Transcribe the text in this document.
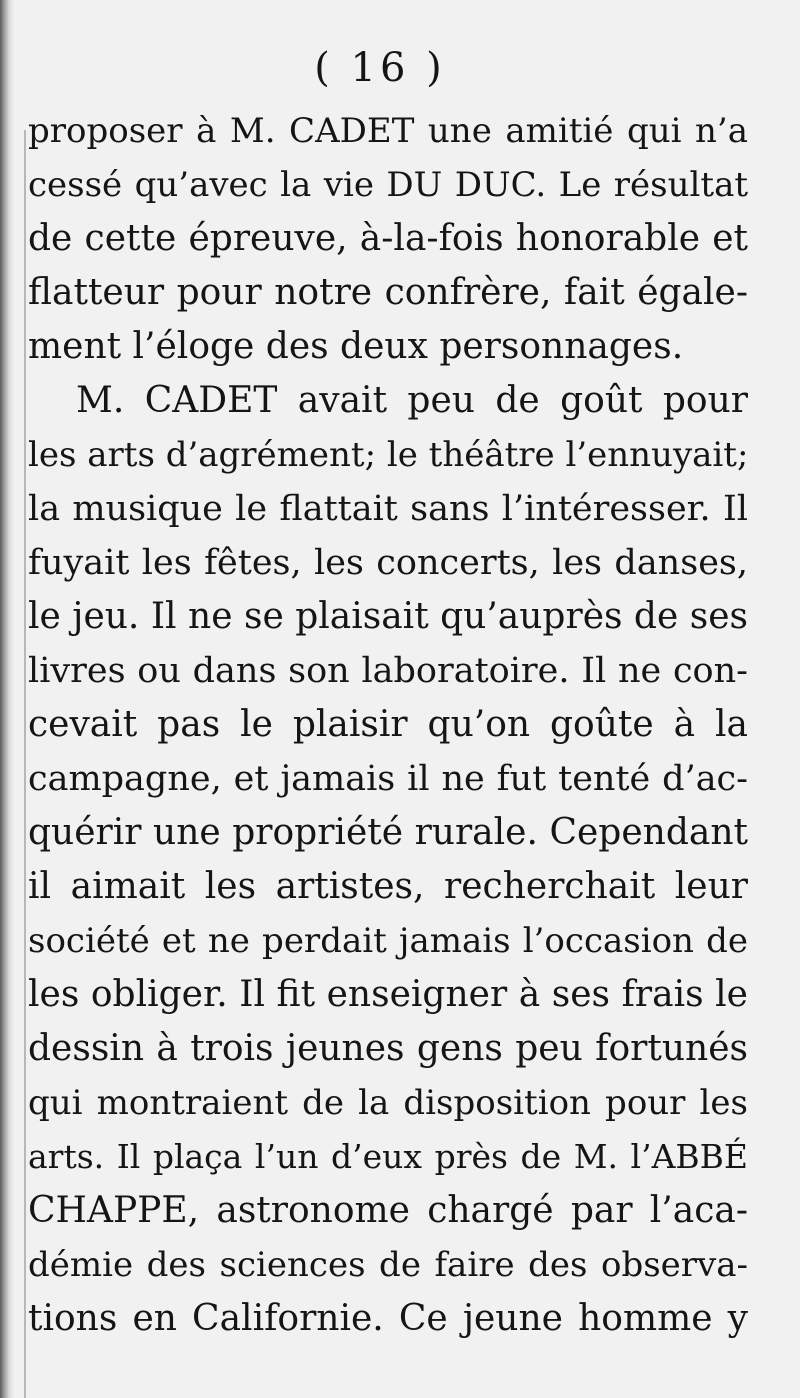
( 16 )
proposer à M. CADET une amitié qui n’a
cessé qu’avec la vie DU DUC. Le résultat
de cette épreuve, à-la-fois honorable et
flatteur pour notre confrère, fait égale-
ment l’éloge des deux personnages.
M. CADET avait peu de goût pour
les arts d’agrément; le théâtre l’ennuyait;
la musique le flattait sans l’intéresser. Il
fuyait les fêtes, les concerts, les danses,
le jeu. Il ne se plaisait qu’auprès de ses
livres ou dans son laboratoire. Il ne con-
cevait pas le plaisir qu’on goûte à la
campagne, et jamais il ne fut tenté d’ac-
quérir une propriété rurale. Cependant
il aimait les artistes, recherchait leur
société et ne perdait jamais l’occasion de
les obliger. Il fit enseigner à ses frais le
dessin à trois jeunes gens peu fortunés
qui montraient de la disposition pour les
arts. Il plaça l’un d’eux près de M. l’ABBÉ
CHAPPE, astronome chargé par l’aca-
démie des sciences de faire des observa-
tions en Californie. Ce jeune homme y
